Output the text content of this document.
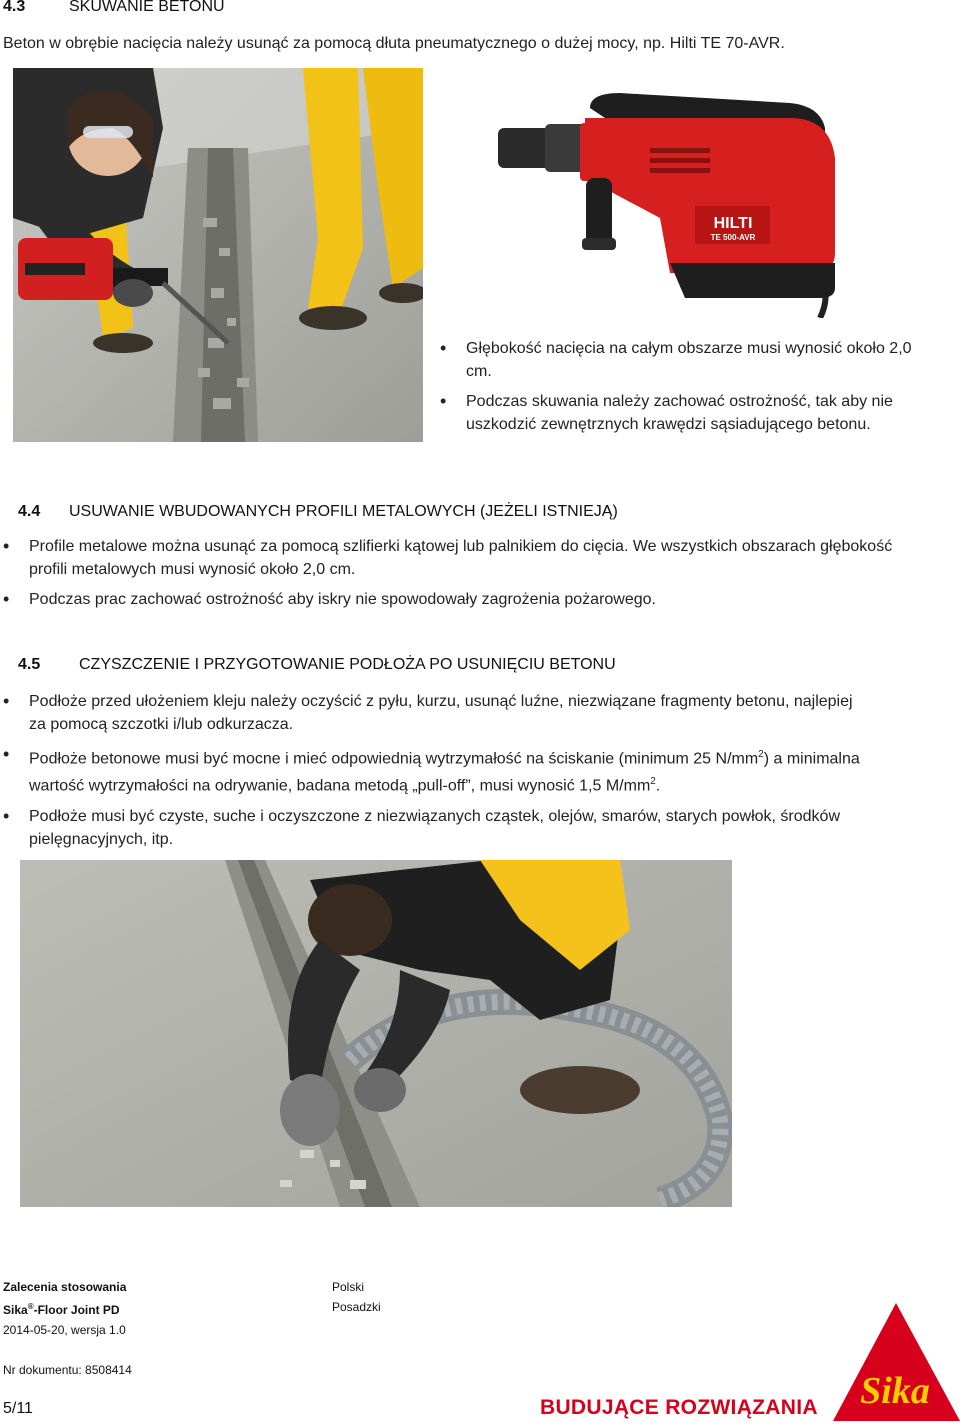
4.3	SKUWANIE BETONU
Beton w obrębie nacięcia należy usunąć za pomocą dłuta pneumatycznego o dużej mocy, np. Hilti TE 70-AVR.
HILTI
TE 500-AVR
• Głębokość nacięcia na całym obszarze musi wynosić około 2,0 cm.
• Podczas skuwania należy zachować ostrożność, tak aby nie uszkodzić zewnętrznych krawędzi sąsiadującego betonu.
4.4 USUWANIE WBUDOWANYCH PROFILI METALOWYCH (JEŻELI ISTNIEJĄ)
• Profile metalowe można usunąć za pomocą szlifierki kątowej lub palnikiem do cięcia. We wszystkich obszarach głębokość profili metalowych musi wynosić około 2,0 cm.
• Podczas prac zachować ostrożność aby iskry nie spowodowały zagrożenia pożarowego.
4.5 CZYSZCZENIE I PRZYGOTOWANIE PODŁOŻA PO USUNIĘCIU BETONU
• Podłoże przed ułożeniem kleju należy oczyścić z pyłu, kurzu, usunąć luźne, niezwiązane fragmenty betonu, najlepiej za pomocą szczotki i/lub odkurzacza.
• Podłoże betonowe musi być mocne i mieć odpowiednią wytrzymałość na ściskanie (minimum 25 $N/mm^2$) a minimalna wartość wytrzymałości na odrywanie, badana metodą „pull-off”, musi wynosić 1,5 $M/mm^2$.
• Podłoże musi być czyste, suche i oczyszczone z niezwiązanych cząstek, olejów, smarów, starych powłok, środków pielęgnacyjnych, itp.
Zalecenia stosowania
Sika®-Floor Joint PD
2014-05-20, wersja 1.0

Nr dokumentu: 8508414
Polski
Posadzki
5/11	BUDUJĄCE ROZWIĄZANIA Sika ®
